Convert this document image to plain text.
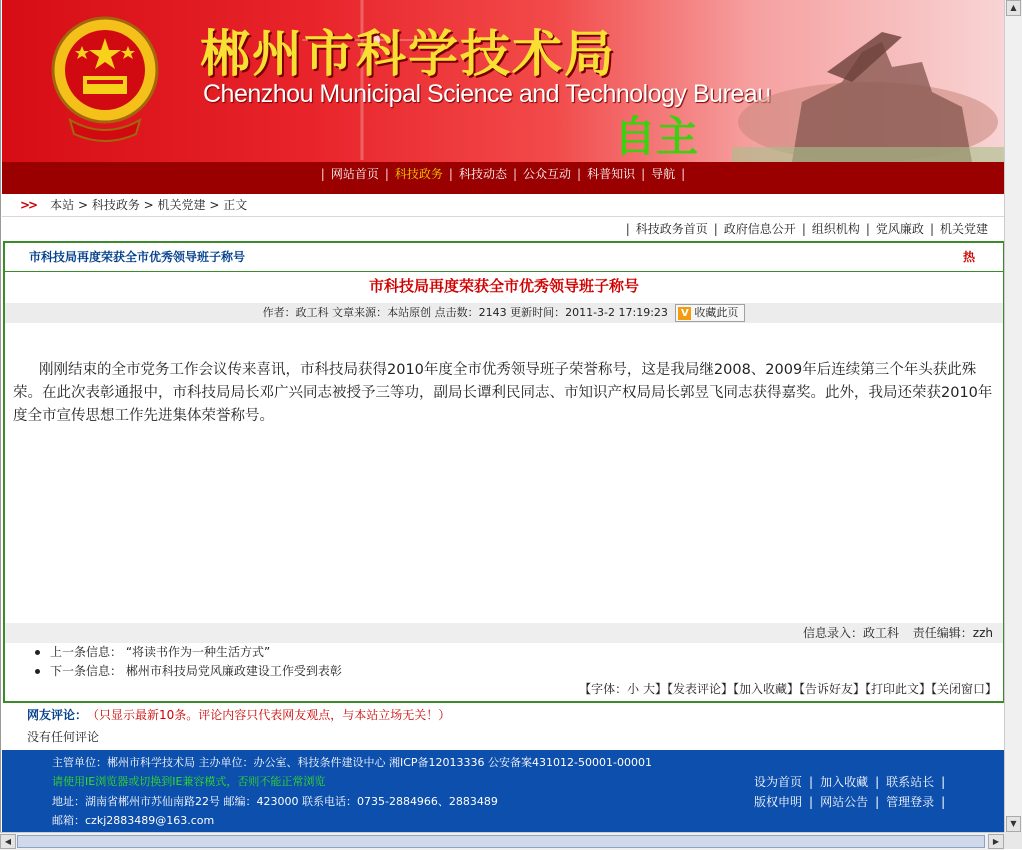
郴州市科学技术局
Chenzhou Municipal Science and Technology Bureau
自主
| 网站首页 | 科技政务 | 科技动态 | 公众互动 | 科普知识 | 导航 |
>> 本站 > 科技政务 > 机关党建 > 正文
| 科技政务首页 | 政府信息公开 | 组织机构 | 党风廉政 | 机关党建
市科技局再度荣获全市优秀领导班子称号	热
市科技局再度荣获全市优秀领导班子称号
作者：政工科 文章来源：本站原创 点击数：2143 更新时间：2011-3-2 17:19:23 V 收藏此页
刚刚结束的全市党务工作会议传来喜讯，市科技局获得2010年度全市优秀领导班子荣誉称号，这是我局继2008、2009年后连续第三个年头获此殊荣。在此次表彰通报中，市科技局局长邓广兴同志被授予三等功，副局长谭利民同志、市知识产权局局长郭昱飞同志获得嘉奖。此外，我局还荣获2010年度全市宣传思想工作先进集体荣誉称号。
信息录入：政工科 责任编辑：zzh
上一条信息： “将读书作为一种生活方式”
下一条信息： 郴州市科技局党风廉政建设工作受到表彰
【字体：小 大】【发表评论】【加入收藏】【告诉好友】【打印此文】【关闭窗口】
网友评论： （只显示最新10条。评论内容只代表网友观点，与本站立场无关！）
没有任何评论
主管单位：郴州市科学技术局 主办单位：办公室、科技条件建设中心 湘ICP备12013336 公安备案431012-50001-00001
请使用IE浏览器或切换到IE兼容模式，否则不能正常浏览
地址：湖南省郴州市苏仙南路22号 邮编：423000 联系电话：0735-2884966、2883489
邮箱：czkj2883489@163.com
设为首页 | 加入收藏 | 联系站长 |
版权申明 | 网站公告 | 管理登录 |
▲
▼
◀	▶
